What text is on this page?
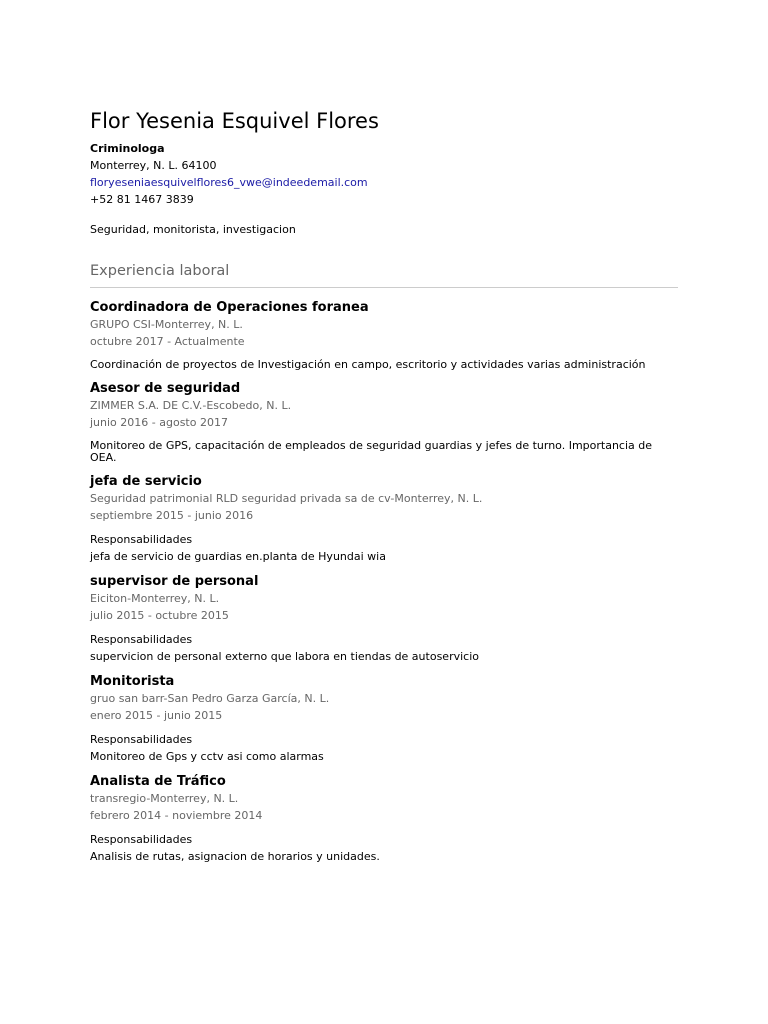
Flor Yesenia Esquivel Flores

Criminologa

Monterrey, N. L. 64100

floryeseniaesquivelflores6_vwe@indeedemail.com

+52 81 1467 3839

Seguridad, monitorista, investigacion

Experiencia laboral

Coordinadora de Operaciones foranea

GRUPO CSI-Monterrey, N. L.

octubre 2017 - Actualmente

Coordinación de proyectos de Investigación en campo, escritorio y actividades varias administración

Asesor de seguridad

ZIMMER S.A. DE C.V.-Escobedo, N. L.

junio 2016 - agosto 2017

Monitoreo de GPS, capacitación de empleados de seguridad guardias y jefes de turno. Importancia de OEA.

jefa de servicio

Seguridad patrimonial RLD seguridad privada sa de cv-Monterrey, N. L.

septiembre 2015 - junio 2016

Responsabilidades

jefa de servicio de guardias en.planta de Hyundai wia

supervisor de personal

Eiciton-Monterrey, N. L.

julio 2015 - octubre 2015

Responsabilidades

supervicion de personal externo que labora en tiendas de autoservicio

Monitorista

gruo san barr-San Pedro Garza García, N. L.

enero 2015 - junio 2015

Responsabilidades

Monitoreo de Gps y cctv asi como alarmas

Analista de Tráfico

transregio-Monterrey, N. L.

febrero 2014 - noviembre 2014

Responsabilidades

Analisis de rutas, asignacion de horarios y unidades.
